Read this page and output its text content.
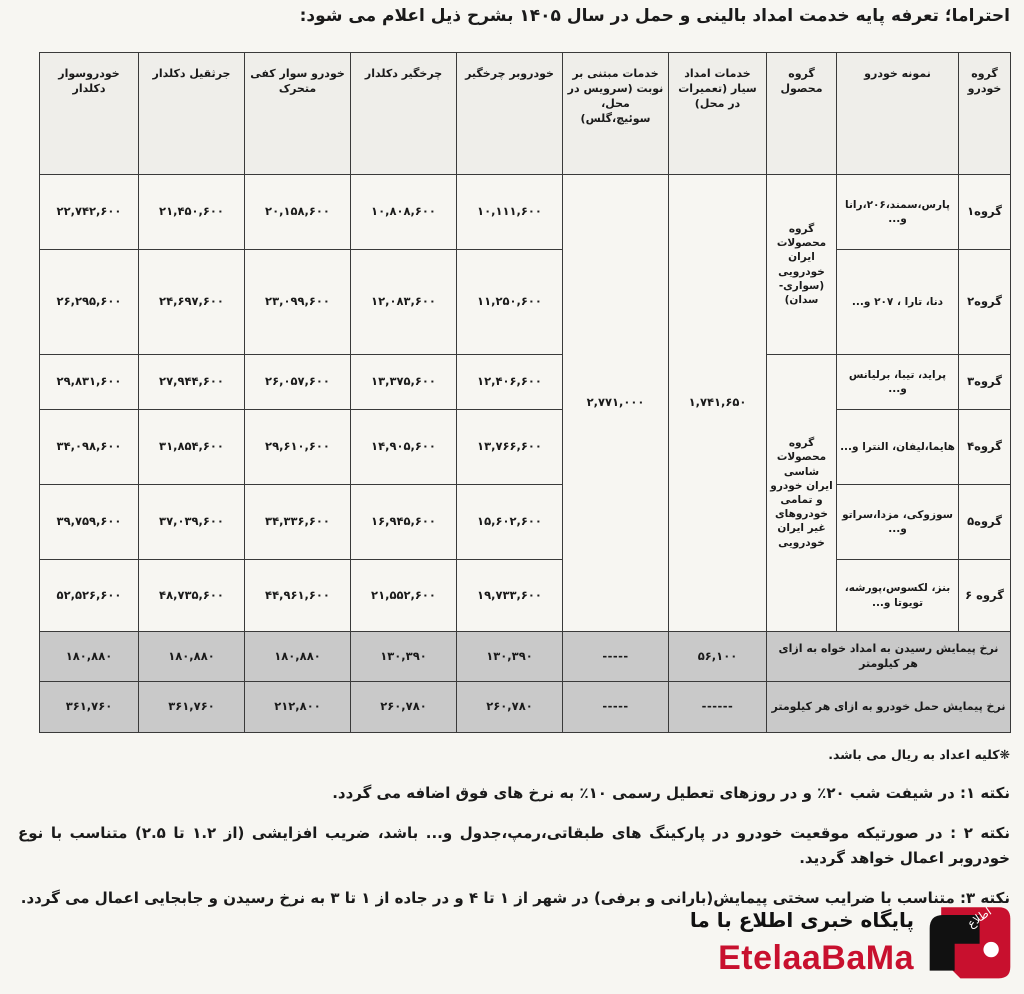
احتراما؛ تعرفه پایه خدمت امداد بالینی و حمل در سال ۱۴۰۵ بشرح ذیل اعلام می شود:
گروه خودرو	نمونه خودرو	گروه محصول	خدمات امداد سیار (تعمیرات در محل)	خدمات مبتنی بر نوبت (سرویس در محل، سوئیچ،گلس)	خودروبر چرخگیر	چرخگیر دکلدار	خودرو سوار کفی متحرک	جرثقیل دکلدار	خودروسوار دکلدار
گروه۱	پارس،سمند،۲۰۶،رانا و...	گروه محصولات ایران خودرویی (سواری- سدان)	۱,۷۴۱,۶۵۰	۲,۷۷۱,۰۰۰	۱۰,۱۱۱,۶۰۰	۱۰,۸۰۸,۶۰۰	۲۰,۱۵۸,۶۰۰	۲۱,۴۵۰,۶۰۰	۲۲,۷۴۲,۶۰۰
گروه۲	دنا، تارا ، ۲۰۷ و...				۱۱,۲۵۰,۶۰۰	۱۲,۰۸۳,۶۰۰	۲۳,۰۹۹,۶۰۰	۲۴,۶۹۷,۶۰۰	۲۶,۲۹۵,۶۰۰
گروه۳	پراید، تیبا، برلیانس و...	گروه محصولات شاسی ایران خودرو و تمامی خودروهای غیر ایران خودرویی			۱۲,۴۰۶,۶۰۰	۱۳,۳۷۵,۶۰۰	۲۶,۰۵۷,۶۰۰	۲۷,۹۴۴,۶۰۰	۲۹,۸۳۱,۶۰۰
گروه۴	هایما،لیفان، النترا و...				۱۳,۷۶۶,۶۰۰	۱۴,۹۰۵,۶۰۰	۲۹,۶۱۰,۶۰۰	۳۱,۸۵۴,۶۰۰	۳۴,۰۹۸,۶۰۰
گروه۵	سوزوکی، مزدا،سراتو و...				۱۵,۶۰۲,۶۰۰	۱۶,۹۴۵,۶۰۰	۳۴,۳۳۶,۶۰۰	۳۷,۰۳۹,۶۰۰	۳۹,۷۵۹,۶۰۰
گروه ۶	بنز، لکسوس،پورشه، تویوتا و...				۱۹,۷۳۳,۶۰۰	۲۱,۵۵۲,۶۰۰	۴۴,۹۶۱,۶۰۰	۴۸,۷۳۵,۶۰۰	۵۲,۵۲۶,۶۰۰
نرخ پیمایش رسیدن به امداد خواه به ازای هر کیلومتر			۵۶,۱۰۰	-----	۱۳۰,۳۹۰	۱۳۰,۳۹۰	۱۸۰,۸۸۰	۱۸۰,۸۸۰	۱۸۰,۸۸۰
نرخ پیمایش حمل خودرو به ازای هر کیلومتر			------	-----	۲۶۰,۷۸۰	۲۶۰,۷۸۰	۲۱۲,۸۰۰	۳۶۱,۷۶۰	۳۶۱,۷۶۰

❋کلیه اعداد به ریال می باشد.

نکته ۱: در شیفت شب ۲۰٪ و در روزهای تعطیل رسمی ۱۰٪ به نرخ های فوق اضافه می گردد.

نکته ۲ : در صورتیکه موقعیت خودرو در پارکینگ های طبقاتی،رمپ،جدول و... باشد، ضریب افزایشی (از ۱.۲ تا ۲.۵) متناسب با نوع خودروبر اعمال خواهد گردید.

نکته ۳: متناسب با ضرایب سختی پیمایش(بارانی و برفی) در شهر از ۱ تا ۴ و در جاده از ۱ تا ۳ به نرخ رسیدن و جابجایی اعمال می گردد.

اطلاع
پایگاه خبری اطلاع با ما
EtelaaBaMa
